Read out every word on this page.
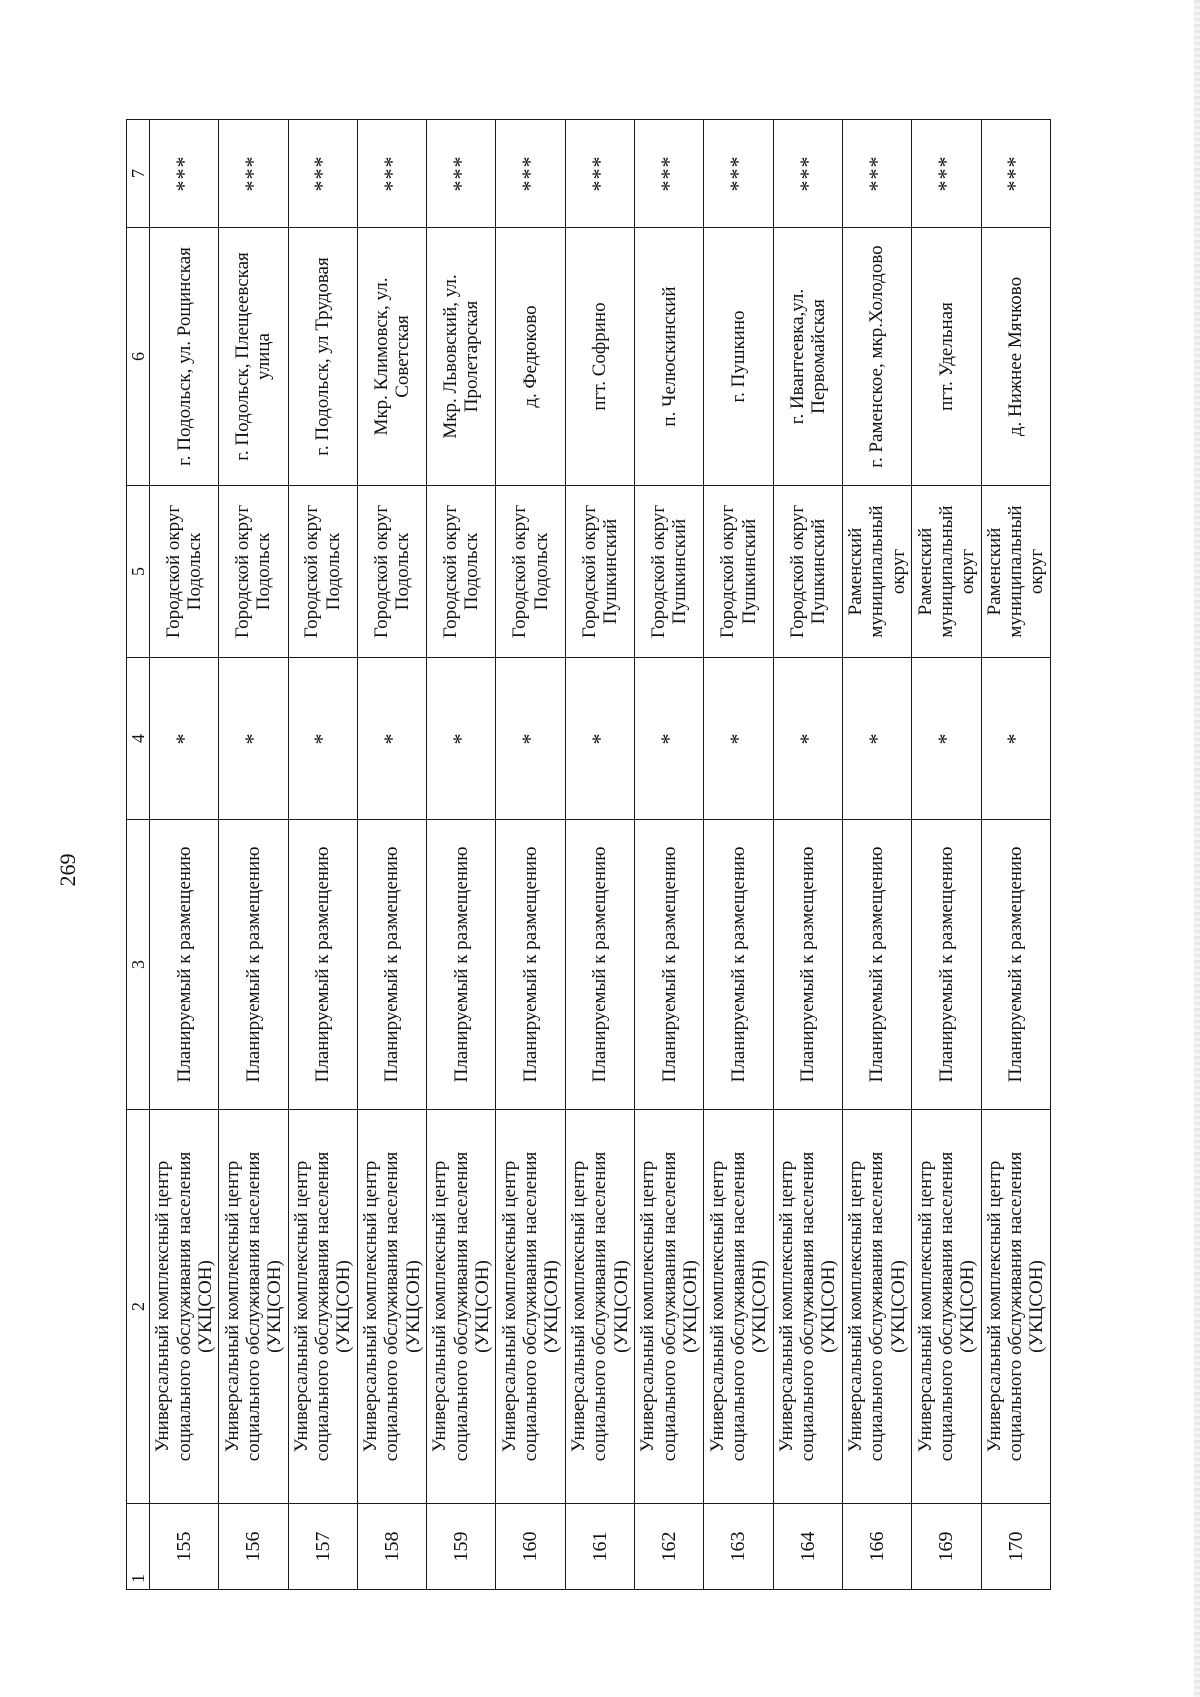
269
1	2	3	4	5	6	7
155	Универсальный комплексный центр социального обслуживания населения (УКЦСОН)	Планируемый к размещению	*	Городской округ Подольск	г. Подольск, ул. Рощинская	***
156	Универсальный комплексный центр социального обслуживания населения (УКЦСОН)	Планируемый к размещению	*	Городской округ Подольск	г. Подольск, Плещеевская улица	***
157	Универсальный комплексный центр социального обслуживания населения (УКЦСОН)	Планируемый к размещению	*	Городской округ Подольск	г. Подольск, ул Трудовая	***
158	Универсальный комплексный центр социального обслуживания населения (УКЦСОН)	Планируемый к размещению	*	Городской округ Подольск	Мкр. Климовск, ул. Советская	***
159	Универсальный комплексный центр социального обслуживания населения (УКЦСОН)	Планируемый к размещению	*	Городской округ Подольск	Мкр. Львовский, ул. Пролетарская	***
160	Универсальный комплексный центр социального обслуживания населения (УКЦСОН)	Планируемый к размещению	*	Городской округ Подольск	д. Федюково	***
161	Универсальный комплексный центр социального обслуживания населения (УКЦСОН)	Планируемый к размещению	*	Городской округ Пушкинский	пгт. Софрино	***
162	Универсальный комплексный центр социального обслуживания населения (УКЦСОН)	Планируемый к размещению	*	Городской округ Пушкинский	п. Челюскинский	***
163	Универсальный комплексный центр социального обслуживания населения (УКЦСОН)	Планируемый к размещению	*	Городской округ Пушкинский	г. Пушкино	***
164	Универсальный комплексный центр социального обслуживания населения (УКЦСОН)	Планируемый к размещению	*	Городской округ Пушкинский	г. Ивантеевка,ул. Первомайская	***
166	Универсальный комплексный центр социального обслуживания населения (УКЦСОН)	Планируемый к размещению	*	Раменский муниципальный округ	г. Раменское, мкр.Холодово	***
169	Универсальный комплексный центр социального обслуживания населения (УКЦСОН)	Планируемый к размещению	*	Раменский муниципальный округ	пгт. Удельная	***
170	Универсальный комплексный центр социального обслуживания населения (УКЦСОН)	Планируемый к размещению	*	Раменский муниципальный округ	д. Нижнее Мячково	***
